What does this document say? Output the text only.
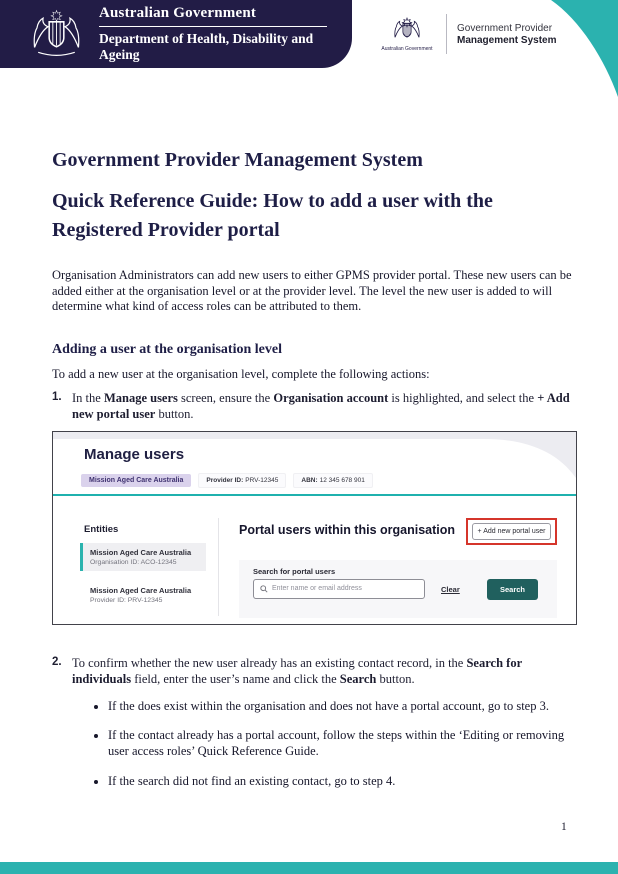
Australian Government
Department of Health, Disability and Ageing	Australian Government
Government Provider
Management System
Government Provider Management System
Quick Reference Guide: How to add a user with the Registered Provider portal

Organisation Administrators can add new users to either GPMS provider portal. These new users can be added either at the organisation level or at the provider level. The level the new user is added to will determine what kind of access roles can be attributed to them.

Adding a user at the organisation level

To add a new user at the organisation level, complete the following actions:

1. In the Manage users screen, ensure the Organisation account is highlighted, and select the + Add new portal user button.
Manage users
Mission Aged Care Australia	Provider ID: PRV-12345	ABN: 12 345 678 901
Entities
Mission Aged Care Australia
Organisation ID: ACO-12345
Mission Aged Care Australia
Provider ID: PRV-12345
Portal users within this organisation	+ Add new portal user
Search for portal users
Enter name or email address	Clear	Search
2. To confirm whether the new user already has an existing contact record, in the Search for individuals field, enter the user’s name and click the Search button.
• If the does exist within the organisation and does not have a portal account, go to step 3.
• If the contact already has a portal account, follow the steps within the ‘Editing or removing user access roles’ Quick Reference Guide.
• If the search did not find an existing contact, go to step 4.
1
